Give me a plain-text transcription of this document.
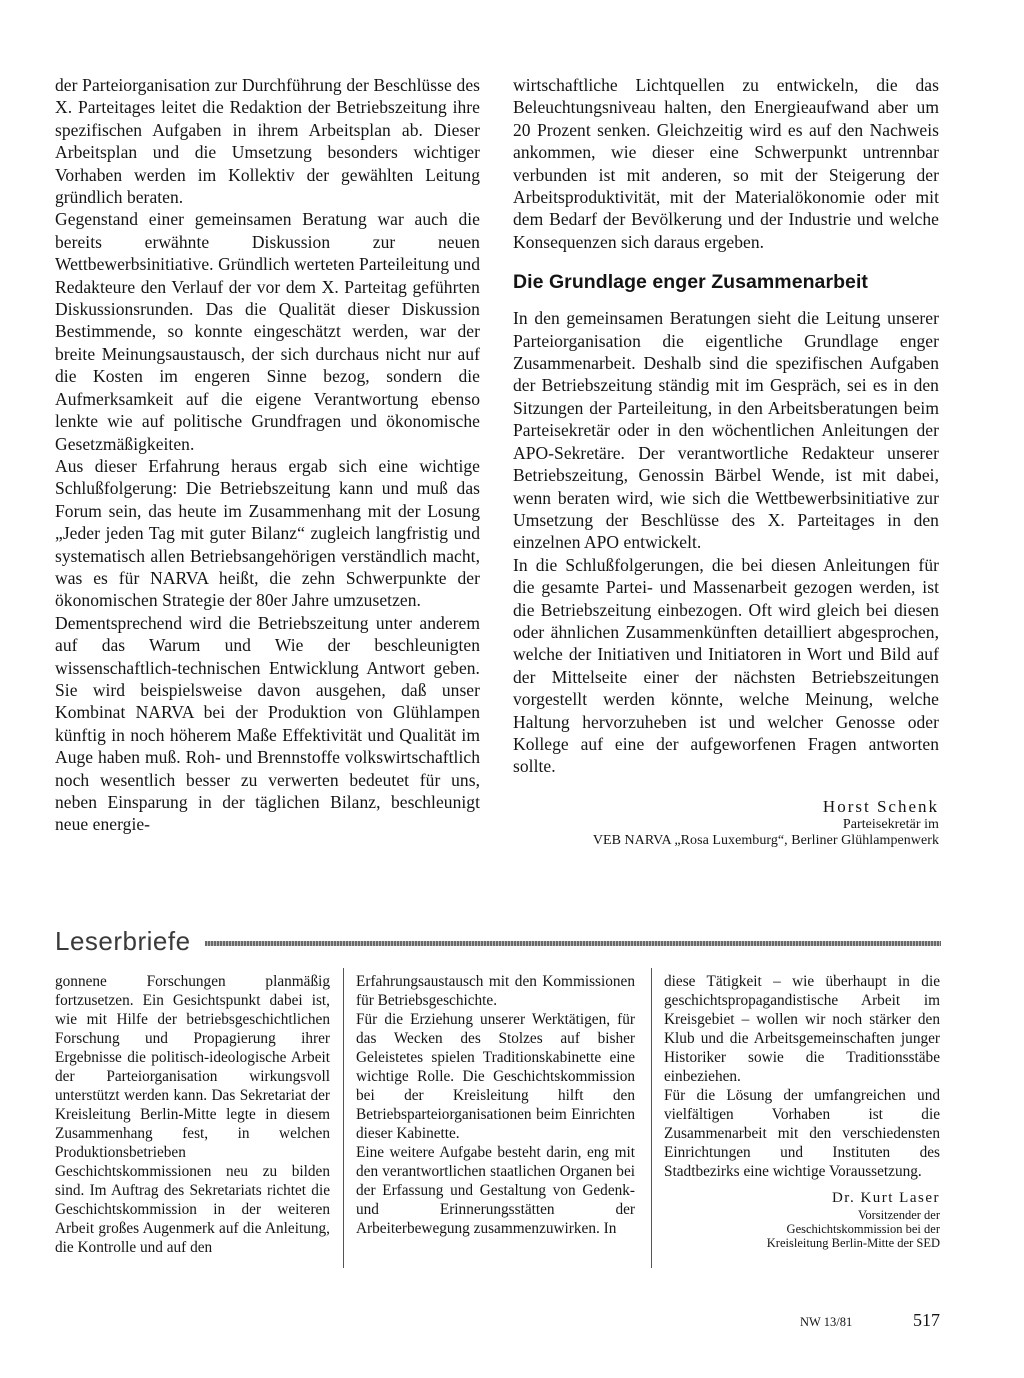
der Parteiorganisation zur Durchführung der Beschlüsse des X. Parteitages leitet die Redaktion der Betriebszeitung ihre spezifischen Aufgaben in ihrem Arbeitsplan ab. Dieser Arbeitsplan und die Umsetzung besonders wichtiger Vorhaben werden im Kollektiv der gewählten Leitung gründlich beraten.

Gegenstand einer gemeinsamen Beratung war auch die bereits erwähnte Diskussion zur neuen Wettbewerbsinitiative. Gründlich werteten Parteileitung und Redakteure den Verlauf der vor dem X. Parteitag geführten Diskussionsrunden. Das die Qualität dieser Diskussion Bestimmende, so konnte eingeschätzt werden, war der breite Meinungsaustausch, der sich durchaus nicht nur auf die Kosten im engeren Sinne bezog, sondern die Aufmerksamkeit auf die eigene Verantwortung ebenso lenkte wie auf politische Grundfragen und ökonomische Gesetzmäßigkeiten.

Aus dieser Erfahrung heraus ergab sich eine wichtige Schlußfolgerung: Die Betriebszeitung kann und muß das Forum sein, das heute im Zusammenhang mit der Losung „Jeder jeden Tag mit guter Bilanz“ zugleich langfristig und systematisch allen Betriebsangehörigen verständlich macht, was es für NARVA heißt, die zehn Schwerpunkte der ökonomischen Strategie der 80er Jahre umzusetzen.

Dementsprechend wird die Betriebszeitung unter anderem auf das Warum und Wie der beschleunigten wissenschaftlich-technischen Entwicklung Antwort geben. Sie wird beispielsweise davon ausgehen, daß unser Kombinat NARVA bei der Produktion von Glühlampen künftig in noch höherem Maße Effektivität und Qualität im Auge haben muß. Roh- und Brennstoffe volkswirtschaftlich noch wesentlich besser zu verwerten bedeutet für uns, neben Einsparung in der täglichen Bilanz, beschleunigt neue energie-

wirtschaftliche Lichtquellen zu entwickeln, die das Beleuchtungsniveau halten, den Energieaufwand aber um 20 Prozent senken. Gleichzeitig wird es auf den Nachweis ankommen, wie dieser eine Schwerpunkt untrennbar verbunden ist mit anderen, so mit der Steigerung der Arbeitsproduktivität, mit der Materialökonomie oder mit dem Bedarf der Bevölkerung und der Industrie und welche Konsequenzen sich daraus ergeben.

Die Grundlage enger Zusammenarbeit

In den gemeinsamen Beratungen sieht die Leitung unserer Parteiorganisation die eigentliche Grundlage enger Zusammenarbeit. Deshalb sind die spezifischen Aufgaben der Betriebszeitung ständig mit im Gespräch, sei es in den Sitzungen der Parteileitung, in den Arbeitsberatungen beim Parteisekretär oder in den wöchentlichen Anleitungen der APO-Sekretäre. Der verantwortliche Redakteur unserer Betriebszeitung, Genossin Bärbel Wende, ist mit dabei, wenn beraten wird, wie sich die Wettbewerbsinitiative zur Umsetzung der Beschlüsse des X. Parteitages in den einzelnen APO entwickelt.

In die Schlußfolgerungen, die bei diesen Anleitungen für die gesamte Partei- und Massenarbeit gezogen werden, ist die Betriebszeitung einbezogen. Oft wird gleich bei diesen oder ähnlichen Zusammenkünften detailliert abgesprochen, welche der Initiativen und Initiatoren in Wort und Bild auf der Mittelseite einer der nächsten Betriebszeitungen vorgestellt werden könnte, welche Meinung, welche Haltung hervorzuheben ist und welcher Genosse oder Kollege auf eine der aufgeworfenen Fragen antworten sollte.

Horst Schenk

Parteisekretär im

VEB NARVA „Rosa Luxemburg“, Berliner Glühlampenwerk

Leserbriefe

gonnene Forschungen planmäßig fortzusetzen. Ein Gesichtspunkt dabei ist, wie mit Hilfe der betriebsgeschichtlichen Forschung und Propagierung ihrer Ergebnisse die politisch-ideologische Arbeit der Parteiorganisation wirkungsvoll unterstützt werden kann. Das Sekretariat der Kreisleitung Berlin-Mitte legte in diesem Zusammenhang fest, in welchen Produktionsbetrieben Geschichtskommissionen neu zu bilden sind. Im Auftrag des Sekretariats richtet die Geschichtskommission in der weiteren Arbeit großes Augenmerk auf die Anleitung, die Kontrolle und auf den

Erfahrungsaustausch mit den Kommissionen für Betriebsgeschichte.

Für die Erziehung unserer Werktätigen, für das Wecken des Stolzes auf bisher Geleistetes spielen Traditionskabinette eine wichtige Rolle. Die Geschichtskommission bei der Kreisleitung hilft den Betriebsparteiorganisationen beim Einrichten dieser Kabinette.

Eine weitere Aufgabe besteht darin, eng mit den verantwortlichen staatlichen Organen bei der Erfassung und Gestaltung von Gedenk- und Erinnerungsstätten der Arbeiterbewegung zusammenzuwirken. In

diese Tätigkeit – wie überhaupt in die geschichtspropagandistische Arbeit im Kreisgebiet – wollen wir noch stärker den Klub und die Arbeitsgemeinschaften junger Historiker sowie die Traditionsstäbe einbeziehen.

Für die Lösung der umfangreichen und vielfältigen Vorhaben ist die Zusammenarbeit mit den verschiedensten Einrichtungen und Instituten des Stadtbezirks eine wichtige Voraussetzung.

Dr. Kurt Laser

Vorsitzender der

Geschichtskommission bei der

Kreisleitung Berlin-Mitte der SED

NW 13/81	517
